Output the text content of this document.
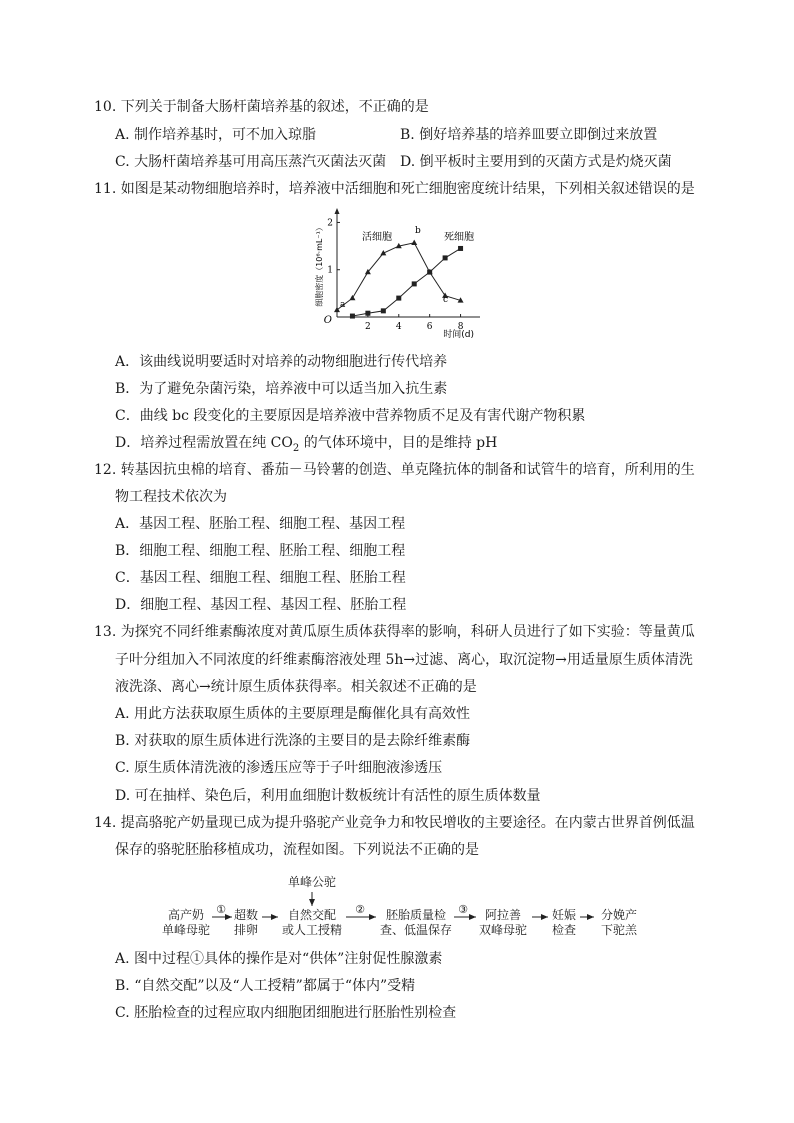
10. 下列关于制备大肠杆菌培养基的叙述，不正确的是
A. 制作培养基时，可不加入琼脂	B. 倒好培养基的培养皿要立即倒过来放置
C. 大肠杆菌培养基可用高压蒸汽灭菌法灭菌 D. 倒平板时主要用到的灭菌方式是灼烧灭菌
11. 如图是某动物细胞培养时，培养液中活细胞和死亡细胞密度统计结果，下列相关叙述错误的是
2	4	6	8
1
2
O
时间(d)
细胞密度（10⁶·mL⁻¹）	活细胞	死细胞
a
b
c
A．该曲线说明要适时对培养的动物细胞进行传代培养
B．为了避免杂菌污染，培养液中可以适当加入抗生素
C．曲线 bc 段变化的主要原因是培养液中营养物质不足及有害代谢产物积累
D．培养过程需放置在纯 $CO_2$ 的气体环境中，目的是维持 pH
12. 转基因抗虫棉的培育、番茄－马铃薯的创造、单克隆抗体的制备和试管牛的培育，所利用的生
物工程技术依次为
A．基因工程、胚胎工程、细胞工程、基因工程
B．细胞工程、细胞工程、胚胎工程、细胞工程
C．基因工程、细胞工程、细胞工程、胚胎工程
D．细胞工程、基因工程、基因工程、胚胎工程
13. 为探究不同纤维素酶浓度对黄瓜原生质体获得率的影响，科研人员进行了如下实验：等量黄瓜
子叶分组加入不同浓度的纤维素酶溶液处理 5h→过滤、离心，取沉淀物→用适量原生质体清洗
液洗涤、离心→统计原生质体获得率。相关叙述不正确的是
A. 用此方法获取原生质体的主要原理是酶催化具有高效性
B. 对获取的原生质体进行洗涤的主要目的是去除纤维素酶
C. 原生质体清洗液的渗透压应等于子叶细胞液渗透压
D. 可在抽样、染色后，利用血细胞计数板统计有活性的原生质体数量
14. 提高骆驼产奶量现已成为提升骆驼产业竞争力和牧民增收的主要途径。在内蒙古世界首例低温
保存的骆驼胚胎移植成功，流程如图。下列说法不正确的是
单峰公驼
高产奶
单峰母驼
① 超数
排卵
自然交配
或人工授精
② 胚胎质量检
查、低温保存
③ 阿拉善
双峰母驼
妊娠
检查
分娩产
下驼羔
A. 图中过程①具体的操作是对“供体”注射促性腺激素
B. “自然交配”以及“人工授精”都属于“体内”受精
C. 胚胎检查的过程应取内细胞团细胞进行胚胎性别检查
